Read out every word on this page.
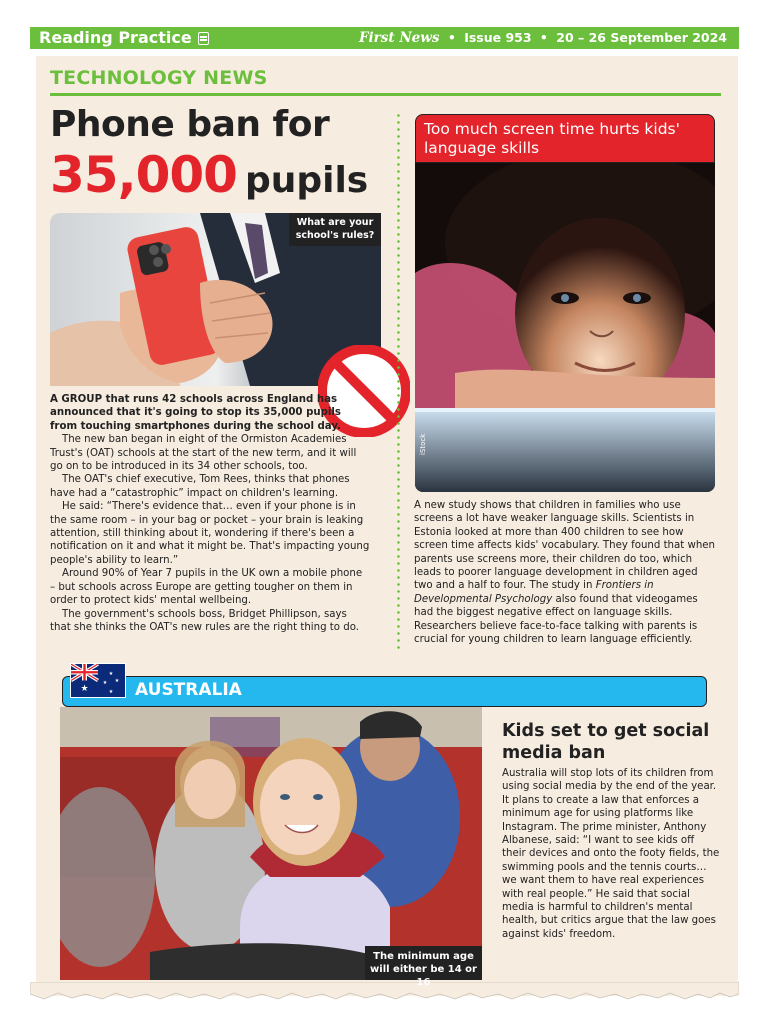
Reading Practice	First News • Issue 953 • 20 – 26 September 2024
TECHNOLOGY NEWS
Phone ban for
35,000 pupils
What are your school's rules?

A GROUP that runs 42 schools across England has announced that it's going to stop its 35,000 pupils from touching smartphones during the school day.

The new ban began in eight of the Ormiston Academies Trust's (OAT) schools at the start of the new term, and it will go on to be introduced in its 34 other schools, too.

The OAT's chief executive, Tom Rees, thinks that phones have had a “catastrophic” impact on children's learning.

He said: “There's evidence that… even if your phone is in the same room – in your bag or pocket – your brain is leaking attention, still thinking about it, wondering if there's been a notification on it and what it might be. That's impacting young people's ability to learn.”

Around 90% of Year 7 pupils in the UK own a mobile phone – but schools across Europe are getting tougher on them in order to protect kids' mental wellbeing.

The government's schools boss, Bridget Phillipson, says that she thinks the OAT's new rules are the right thing to do.

Too much screen time hurts kids' language skills
iStock

A new study shows that children in families who use screens a lot have weaker language skills. Scientists in Estonia looked at more than 400 children to see how screen time affects kids' vocabulary. They found that when parents use screens more, their children do too, which leads to poorer language development in children aged two and a half to four. The study in Frontiers in Developmental Psychology also found that videogames had the biggest negative effect on language skills. Researchers believe face-to-face talking with parents is crucial for young children to learn language efficiently.

AUSTRALIA
★
★
★
★
★
The minimum age will either be 14 or 16
Kids set to get social media ban

Australia will stop lots of its children from using social media by the end of the year. It plans to create a law that enforces a minimum age for using platforms like Instagram. The prime minister, Anthony Albanese, said: “I want to see kids off their devices and onto the footy fields, the swimming pools and the tennis courts… we want them to have real experiences with real people.” He said that social media is harmful to children's mental health, but critics argue that the law goes against kids' freedom.
